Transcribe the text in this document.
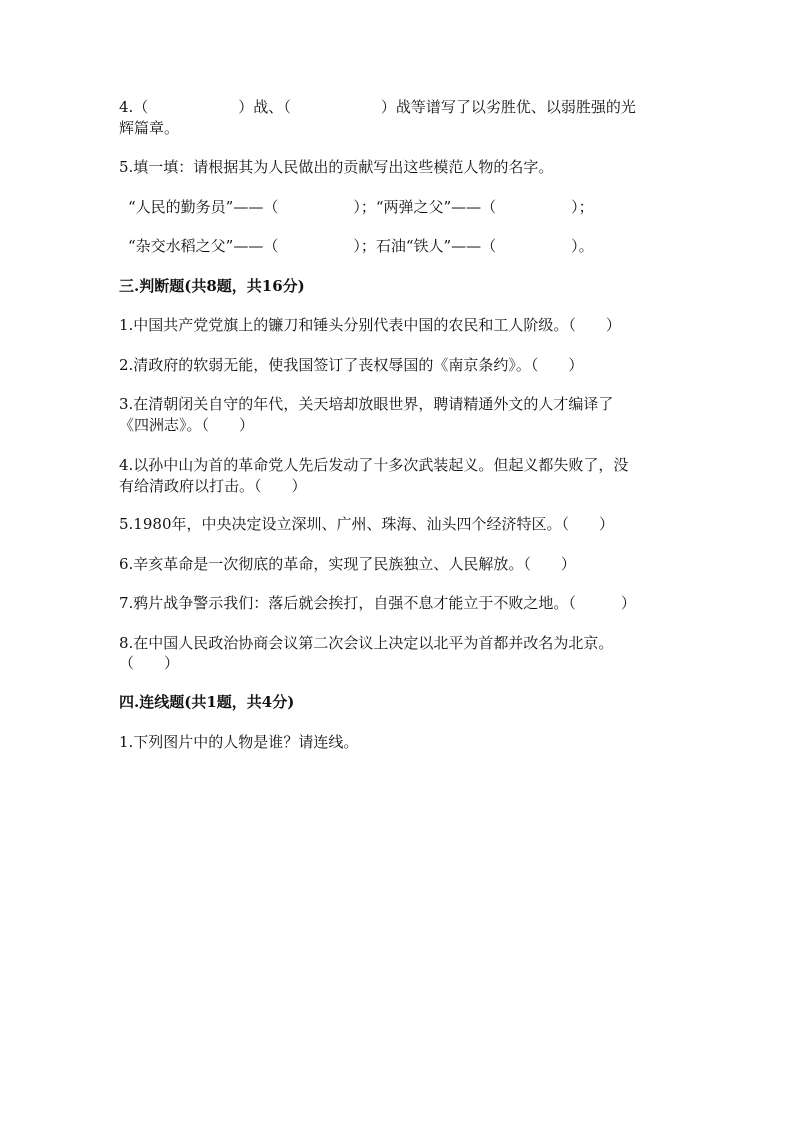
4.（　　　　　　）战、（　　　　　　）战等谱写了以劣胜优、以弱胜强的光
辉篇章。
5.填一填：请根据其为人民做出的贡献写出这些模范人物的名字。
“人民的勤务员”——（　　　　　）；“两弹之父”——（　　　　　）；
“杂交水稻之父”——（　　　　　）；石油“铁人”——（　　　　　）。
三.判断题(共8题，共16分)
1.中国共产党党旗上的镰刀和锤头分别代表中国的农民和工人阶级。（　　）
2.清政府的软弱无能，使我国签订了丧权辱国的《南京条约》。（　　）
3.在清朝闭关自守的年代，关天培却放眼世界，聘请精通外文的人才编译了
《四洲志》。（　　）
4.以孙中山为首的革命党人先后发动了十多次武装起义。但起义都失败了，没
有给清政府以打击。（　　）
5.1980年，中央决定设立深圳、广州、珠海、汕头四个经济特区。（　　）
6.辛亥革命是一次彻底的革命，实现了民族独立、人民解放。（　　）
7.鸦片战争警示我们：落后就会挨打，自强不息才能立于不败之地。（　　　）
8.在中国人民政治协商会议第二次会议上决定以北平为首都并改名为北京。
（　　）
四.连线题(共1题，共4分)
1.下列图片中的人物是谁？请连线。
